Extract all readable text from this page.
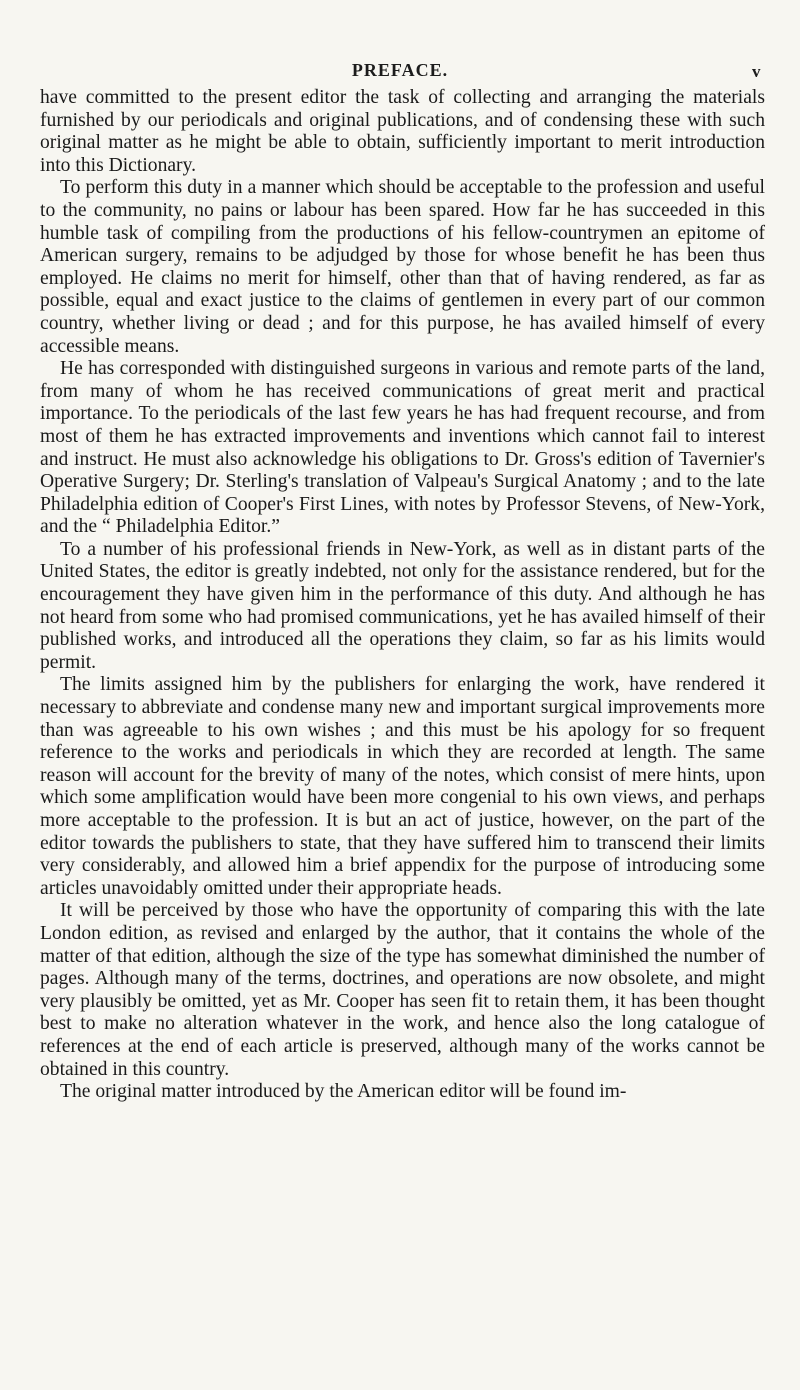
PREFACE.	v

have committed to the present editor the task of collecting and arranging the materials furnished by our periodicals and original publications, and of condensing these with such original matter as he might be able to obtain, sufficiently important to merit introduction into this Dictionary.

To perform this duty in a manner which should be acceptable to the profession and useful to the community, no pains or labour has been spared. How far he has succeeded in this humble task of compiling from the productions of his fellow-countrymen an epitome of American surgery, remains to be adjudged by those for whose benefit he has been thus employed. He claims no merit for himself, other than that of having rendered, as far as possible, equal and exact justice to the claims of gentlemen in every part of our common country, whether living or dead ; and for this purpose, he has availed himself of every accessible means.

He has corresponded with distinguished surgeons in various and remote parts of the land, from many of whom he has received communications of great merit and practical importance. To the periodicals of the last few years he has had frequent recourse, and from most of them he has extracted improvements and inventions which cannot fail to interest and instruct. He must also acknowledge his obligations to Dr. Gross's edition of Tavernier's Operative Surgery; Dr. Sterling's translation of Valpeau's Surgical Anatomy ; and to the late Philadelphia edition of Cooper's First Lines, with notes by Professor Stevens, of New-York, and the “ Philadelphia Editor.”

To a number of his professional friends in New-York, as well as in distant parts of the United States, the editor is greatly indebted, not only for the assistance rendered, but for the encouragement they have given him in the performance of this duty. And although he has not heard from some who had promised communications, yet he has availed himself of their published works, and introduced all the operations they claim, so far as his limits would permit.

The limits assigned him by the publishers for enlarging the work, have rendered it necessary to abbreviate and condense many new and important surgical improvements more than was agreeable to his own wishes ; and this must be his apology for so frequent reference to the works and periodicals in which they are recorded at length. The same reason will account for the brevity of many of the notes, which consist of mere hints, upon which some amplification would have been more congenial to his own views, and perhaps more acceptable to the profession. It is but an act of justice, however, on the part of the editor towards the publishers to state, that they have suffered him to transcend their limits very considerably, and allowed him a brief appendix for the purpose of introducing some articles unavoidably omitted under their appropriate heads.

It will be perceived by those who have the opportunity of comparing this with the late London edition, as revised and enlarged by the author, that it contains the whole of the matter of that edition, although the size of the type has somewhat diminished the number of pages. Although many of the terms, doctrines, and operations are now obsolete, and might very plausibly be omitted, yet as Mr. Cooper has seen fit to retain them, it has been thought best to make no alteration whatever in the work, and hence also the long catalogue of references at the end of each article is preserved, although many of the works cannot be obtained in this country.

The original matter introduced by the American editor will be found im-
